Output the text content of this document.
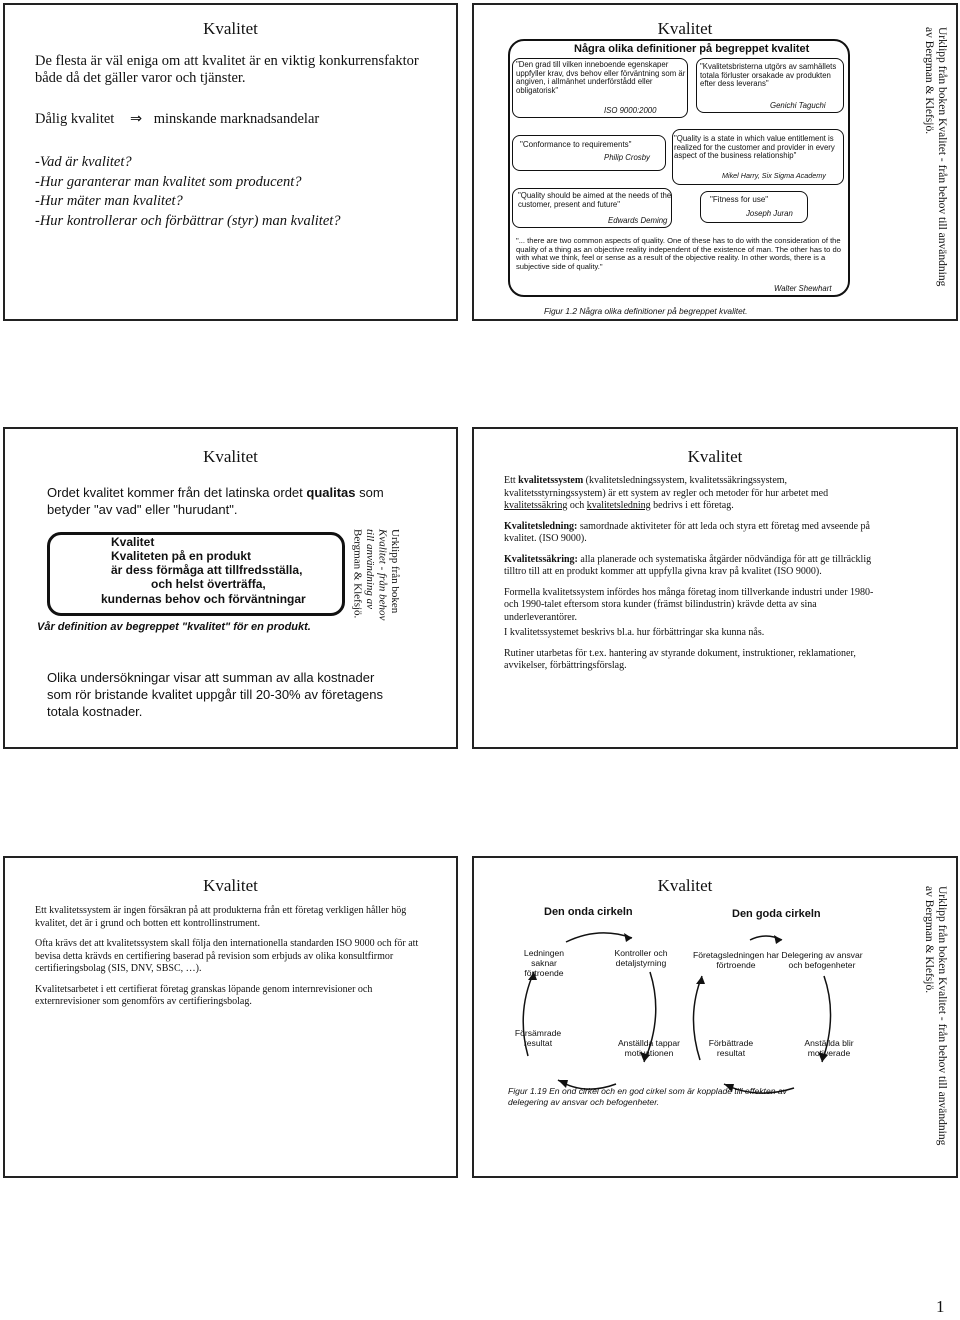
Kvalitet
De flesta är väl eniga om att kvalitet är en viktig konkurrensfaktor både då det gäller varor och tjänster.
Dålig kvalitet ⇒ minskande marknadsandelar
-Vad är kvalitet?
-Hur garanterar man kvalitet som producent?
-Hur mäter man kvalitet?
-Hur kontrollerar och förbättrar (styr) man kvalitet?
Kvalitet	Urklipp från boken Kvalitet - från behov till användning
av Bergman & Klefsjö.
Några olika definitioner på begreppet kvalitet
"Den grad till vilken inneboende egenskaper uppfyller krav, dvs behov eller förväntning som är angiven, i allmänhet underförstådd eller obligatorisk"
ISO 9000:2000
"Kvalitetsbristerna utgörs av samhällets totala förluster orsakade av produkten efter dess leverans"
Genichi Taguchi
"Conformance to requirements"
Philip Crosby
"Quality is a state in which value entitlement is realized for the customer and provider in every aspect of the business relationship"
Mikel Harry, Six Sigma Academy
"Quality should be aimed at the needs of the customer, present and future"
Edwards Deming
"Fitness for use"
Joseph Juran
"... there are two common aspects of quality. One of these has to do with the consideration of the quality of a thing as an objective reality independent of the existence of man. The other has to do with what we think, feel or sense as a result of the objective reality. In other words, there is a subjective side of quality."
Walter Shewhart
Figur 1.2 Några olika definitioner på begreppet kvalitet.
Kvalitet
Ordet kvalitet kommer från det latinska ordet qualitas som betyder "av vad" eller "hurudant".
Kvalitet
Kvaliteten på en produkt
är dess förmåga att tillfredsställa,
och helst överträffa,
kundernas behov och förväntningar
Vår definition av begreppet "kvalitet" för en produkt.
Urklipp från boken
Kvalitet - från behov
till användning av
Bergman & Klefsjö.
Olika undersökningar visar att summan av alla kostnader som rör bristande kvalitet uppgår till 20-30% av företagens totala kostnader.
Kvalitet

Ett kvalitetssystem (kvalitetsledningssystem, kvalitetssäkringssystem, kvalitetsstyrningssystem) är ett system av regler och metoder för hur arbetet med kvalitetssäkring och kvalitetsledning bedrivs i ett företag.

Kvalitetsledning: samordnade aktiviteter för att leda och styra ett företag med avseende på kvalitet. (ISO 9000).

Kvalitetssäkring: alla planerade och systematiska åtgärder nödvändiga för att ge tillräcklig tilltro till att en produkt kommer att uppfylla givna krav på kvalitet (ISO 9000).

Formella kvalitetssystem infördes hos många företag inom tillverkande industri under 1980- och 1990-talet eftersom stora kunder (främst bilindustrin) krävde detta av sina underleverantörer.

I kvalitetssystemet beskrivs bl.a. hur förbättringar ska kunna nås.

Rutiner utarbetas för t.ex. hantering av styrande dokument, instruktioner, reklamationer, avvikelser, förbättringsförslag.

Kvalitet

Ett kvalitetssystem är ingen försäkran på att produkterna från ett företag verkligen håller hög kvalitet, det är i grund och botten ett kontrollinstrument.

Ofta krävs det att kvalitetssystem skall följa den internationella standarden ISO 9000 och för att bevisa detta krävds en certifiering baserad på revision som erbjuds av olika konsultfirmor certifieringsbolag (SIS, DNV, SBSC, …).

Kvalitetsarbetet i ett certifierat företag granskas löpande genom internrevisioner och externrevisioner som genomförs av certifieringsbolag.

Kvalitet
Urklipp från boken Kvalitet - från behov till användning
av Bergman & Klefsjö.
Den onda cirkeln	Den goda cirkeln
Ledningen saknar förtroende
Kontroller och detaljstyrning
Anställda tappar motivationen
Försämrade resultat
Företagsledningen har förtroende
Delegering av ansvar och befogenheter
Anställda blir motiverade
Förbättrade resultat
Figur 1.19 En ond cirkel och en god cirkel som är kopplade till effekten av delegering av ansvar och befogenheter.
1
